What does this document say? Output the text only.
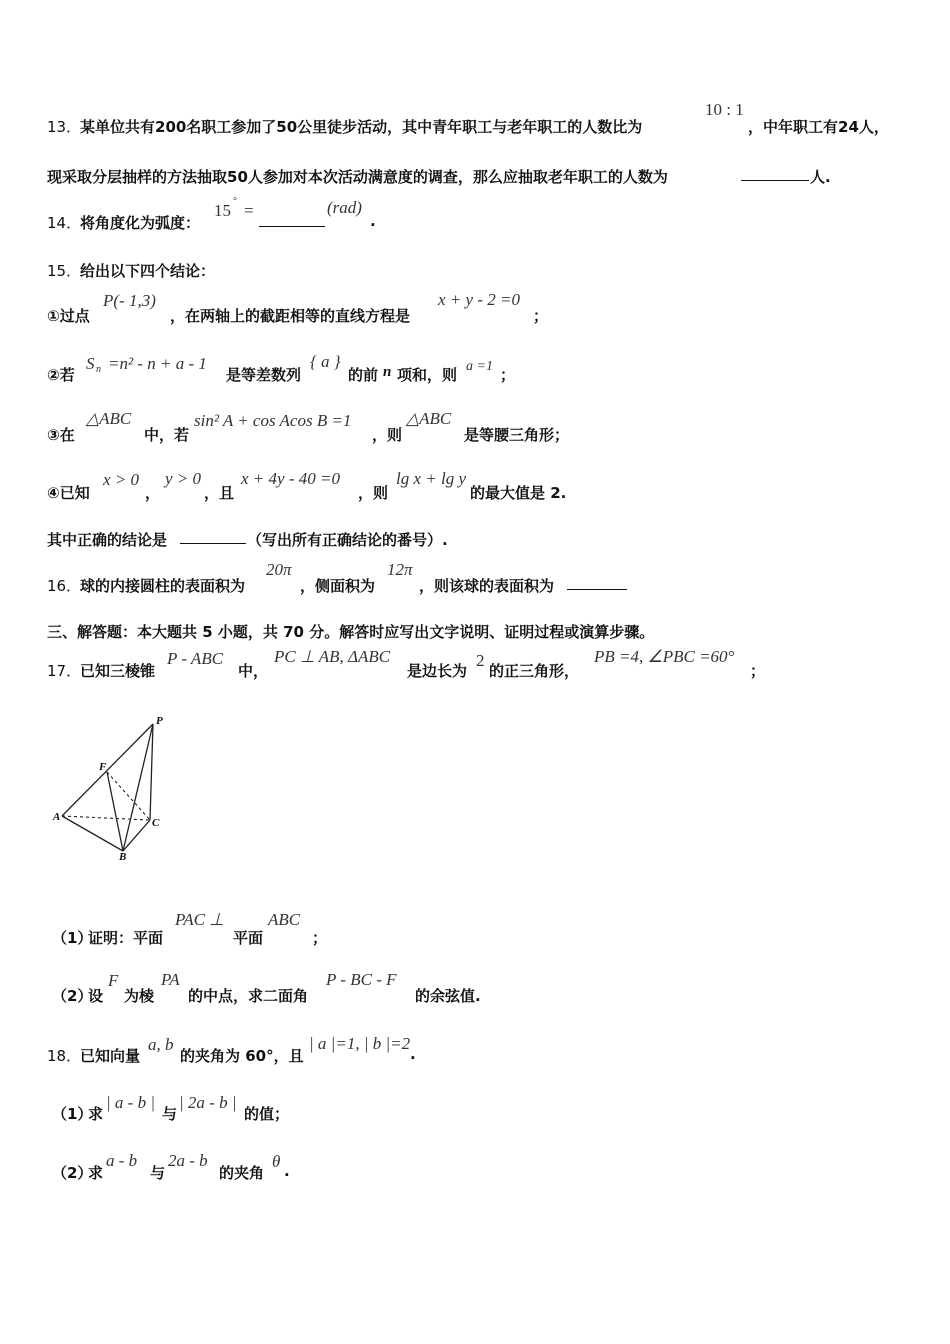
13．
某单位共有200名职工参加了50公里徒步活动，其中青年职工与老年职工的人数比为
10 : 1
，中年职工有24人，
现采取分层抽样的方法抽取50人参加对本次活动满意度的调查，那么应抽取老年职工的人数为	人.
14．
将角度化为弧度：
15 ° =	(rad)
.
15．
给出以下四个结论：
①过点
P(- 1,3)
，在两轴上的截距相等的直线方程是
x + y - 2 =0
；
②若
S n =n² - n + a - 1
是等差数列
{ a }
的前 n 项和，则 a =1 ；
③在
△ABC
中，若
sin² A + cos Acos B =1
，则
△ABC
是等腰三角形；
④已知
x > 0
，
y > 0
，且
x + 4y - 40 =0
，则
lg x + lg y
的最大值是 2.
其中正确的结论是	（写出所有正确结论的番号）.
16．
球的内接圆柱的表面积为
20π
，侧面积为
12π
，则该球的表面积为
三、解答题：本大题共 5 小题，共 70 分。解答时应写出文字说明、证明过程或演算步骤。
17．
已知三棱锥
P - ABC
中，
PC ⊥ AB, ΔABC
是边长为
2
的正三角形，
PB =4, ∠PBC =60°
；
P
F
A
B
C
（1）
证明：平面
PAC ⊥
平面
ABC
；
（2）
设
F
为棱
PA
的中点，求二面角
P - BC - F
的余弦值.
18．
已知向量
a, b
的夹角为 60°，且
| a |=1, | b |=2
.
（1）
求
| a - b |
与
| 2a - b |
的值；
（2）
求
a - b
与
2a - b
的夹角
θ .
